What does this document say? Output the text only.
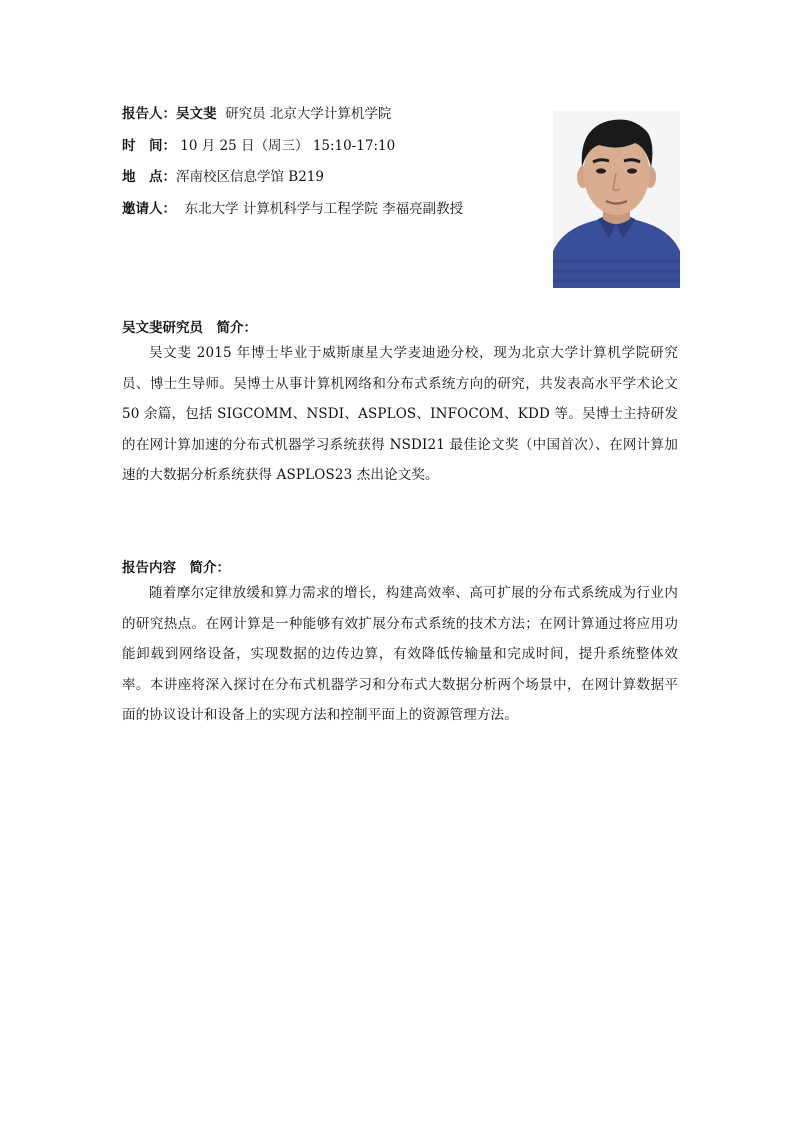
报告人：吴文斐 研究员 北京大学计算机学院
时　间： 10 月 25 日（周三） 15:10-17:10
地　点：浑南校区信息学馆 B219
邀请人： 东北大学 计算机科学与工程学院 李福亮副教授
吴文斐研究员　简介：
吴文斐 2015 年博士毕业于威斯康星大学麦迪逊分校，现为北京大学计算机学院研究员、博士生导师。吴博士从事计算机网络和分布式系统方向的研究，共发表高水平学术论文 50 余篇，包括 SIGCOMM、NSDI、ASPLOS、INFOCOM、KDD 等。吴博士主持研发的在网计算加速的分布式机器学习系统获得 NSDI21 最佳论文奖（中国首次）、在网计算加速的大数据分析系统获得 ASPLOS23 杰出论文奖。
报告内容　简介：
随着摩尔定律放缓和算力需求的增长，构建高效率、高可扩展的分布式系统成为行业内的研究热点。在网计算是一种能够有效扩展分布式系统的技术方法；在网计算通过将应用功能卸载到网络设备，实现数据的边传边算，有效降低传输量和完成时间，提升系统整体效率。本讲座将深入探讨在分布式机器学习和分布式大数据分析两个场景中，在网计算数据平面的协议设计和设备上的实现方法和控制平面上的资源管理方法。
